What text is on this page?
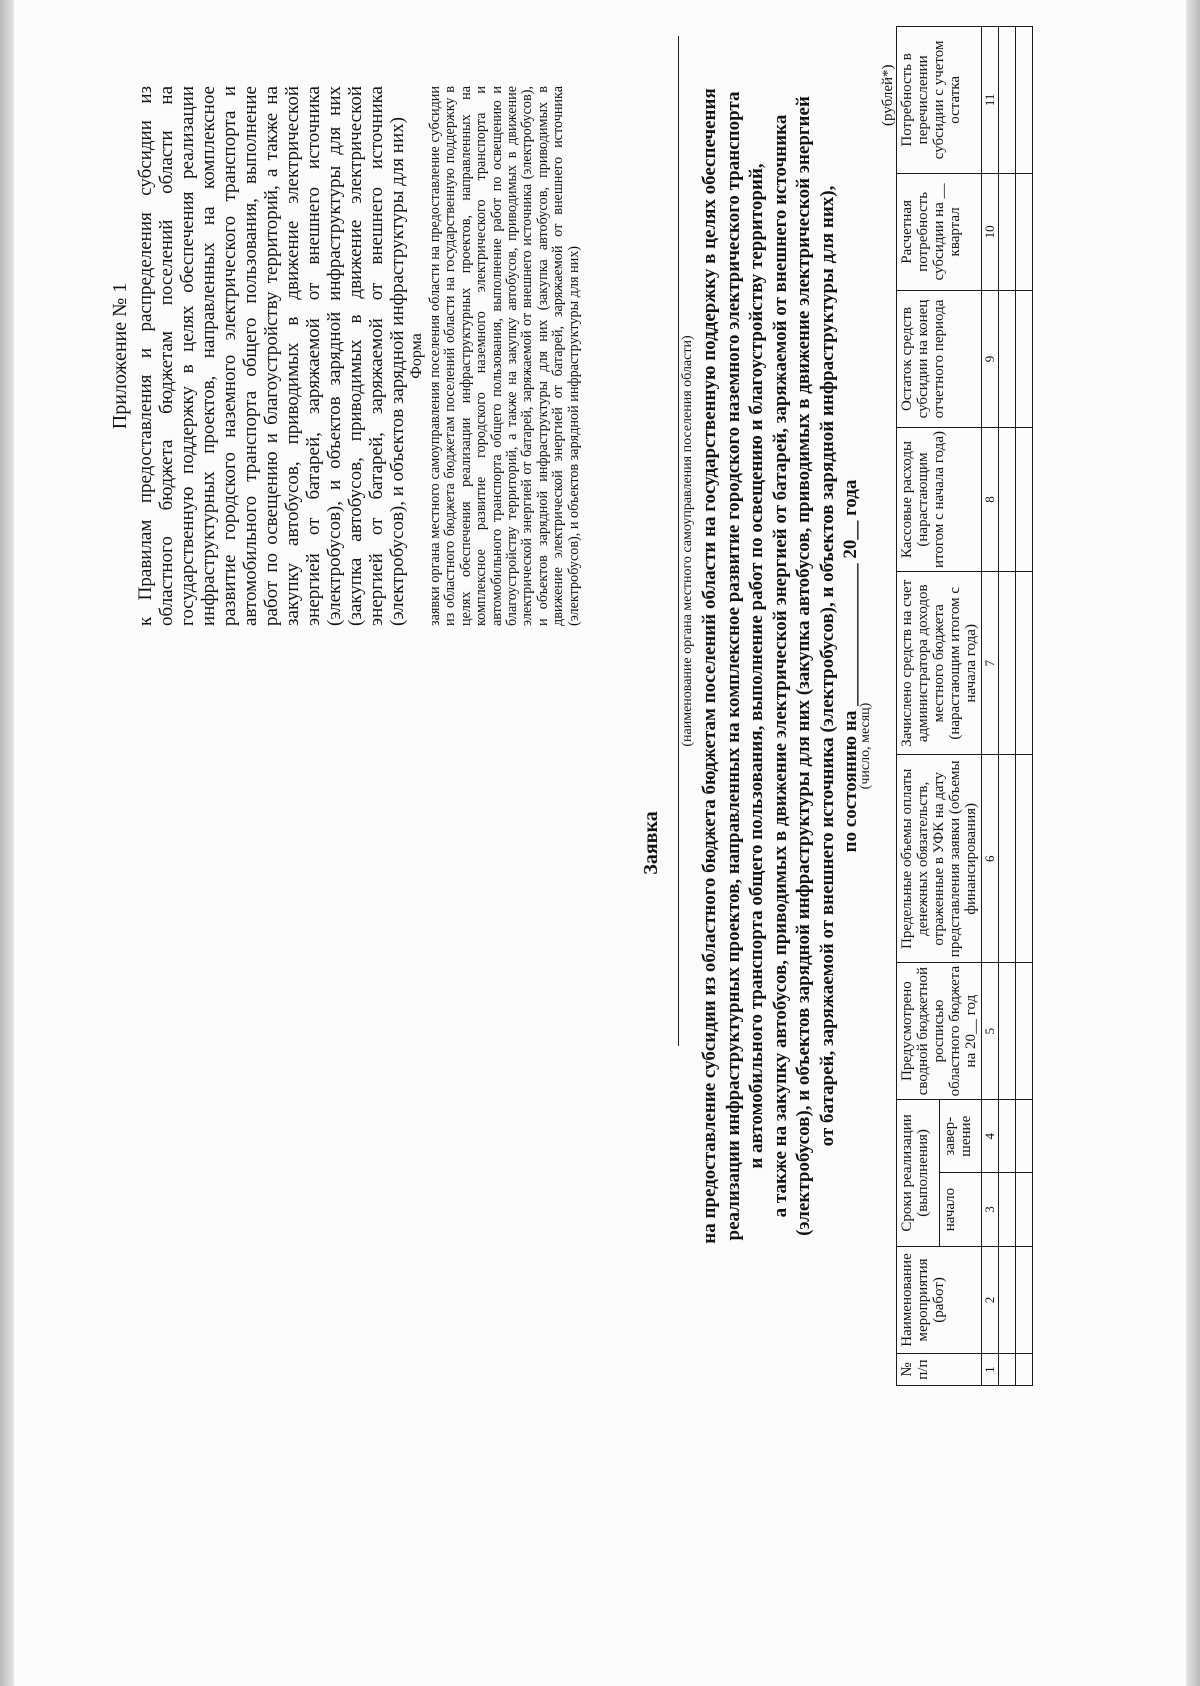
Приложение № 1 к Правилам предоставления и распределения субсидии из областного бюджета бюджетам поселений области на государственную поддержку в целях обеспечения реализации инфраструктурных проектов, направленных на комплексное развитие городского наземного электрического транспорта и автомобильного транспорта общего пользования, выполнение работ по освещению и благоустройству территорий, а также на закупку автобусов, приводимых в движение электрической энергией от батарей, заряжаемой от внешнего источника (электробусов), и объектов зарядной инфраструктуры для них (закупка автобусов, приводимых в движение электрической энергией от батарей, заряжаемой от внешнего источника (электробусов), и объектов зарядной инфраструктуры для них) Форма заявки органа местного самоуправления поселения области на предоставление субсидии из областного бюджета бюджетам поселений области на государственную поддержку в целях обеспечения реализации инфраструктурных проектов, направленных на комплексное развитие городского наземного электрического транспорта и автомобильного транспорта общего пользования, выполнение работ по освещению и благоустройству территорий, а также на закупку автобусов, приводимых в движение электрической энергией от батарей, заряжаемой от внешнего источника (электробусов), и объектов зарядной инфраструктуры для них (закупка автобусов, приводимых в движение электрической энергией от батарей, заряжаемой от внешнего источника (электробусов), и объектов зарядной инфраструктуры для них)
Заявка
(наименование органа местного самоуправления поселения области) на предоставление субсидии из областного бюджета бюджетам поселений области на государственную поддержку в целях обеспечения реализации инфраструктурных проектов, направленных на комплексное развитие городского наземного электрического транспорта и автомобильного транспорта общего пользования, выполнение работ по освещению и благоустройству территорий, а также на закупку автобусов, приводимых в движение электрической энергией от батарей, заряжаемой от внешнего источника (электробусов), и объектов зарядной инфраструктуры для них (закупка автобусов, приводимых в движение электрической энергией от батарей, заряжаемой от внешнего источника (электробусов), и объектов зарядной инфраструктуры для них), по состоянию на _______________ 20__ года
(число, месяц)
(рублей*)
№ п/п	Наименование мероприятия (работ)	Сроки реализации (выполнения)		Предусмотрено сводной бюджетной росписью областного бюджета на 20__ год	Предельные объемы оплаты денежных обязательств, отраженные в УФК на дату представления заявки (объемы финансирования)	Зачислено средств на счет администратора доходов местного бюджета (нарастающим итогом с начала года)	Кассовые расходы (нарастающим итогом с начала года)	Остаток средств субсидии на конец отчетного периода	Расчетная потребность субсидии на __ квартал	Потребность в перечислении субсидии с учетом остатка
		начало	завер-шение							
1	2	3	4	5	6	7	8	9	10	11
